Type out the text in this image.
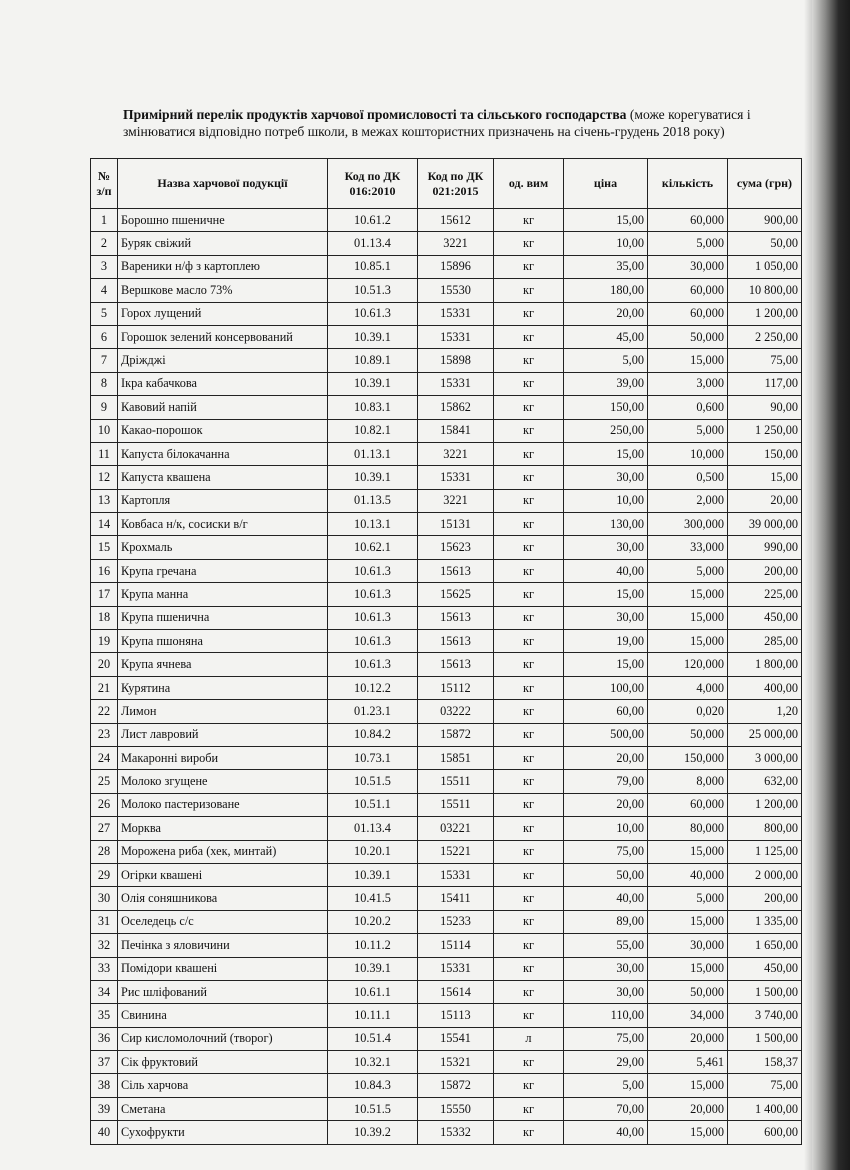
Примірний перелік продуктів харчової промисловості та сільського господарства (може корегуватися і змінюватися відповідно потреб школи, в межах коштористних призначень на січень-грудень 2018 року)
№ з/п	Назва харчової подукції	Код по ДК 016:2010	Код по ДК 021:2015	од. вим	ціна	кількість	сума (грн)
1	Борошно пшеничне	10.61.2	15612	кг	15,00	60,000	900,00
2	Буряк свіжий	01.13.4	3221	кг	10,00	5,000	50,00
3	Вареники н/ф з картоплею	10.85.1	15896	кг	35,00	30,000	1 050,00
4	Вершкове масло 73%	10.51.3	15530	кг	180,00	60,000	10 800,00
5	Горох лущений	10.61.3	15331	кг	20,00	60,000	1 200,00
6	Горошок зелений консервований	10.39.1	15331	кг	45,00	50,000	2 250,00
7	Дріжджі	10.89.1	15898	кг	5,00	15,000	75,00
8	Ікра кабачкова	10.39.1	15331	кг	39,00	3,000	117,00
9	Кавовий напій	10.83.1	15862	кг	150,00	0,600	90,00
10	Какао-порошок	10.82.1	15841	кг	250,00	5,000	1 250,00
11	Капуста білокачанна	01.13.1	3221	кг	15,00	10,000	150,00
12	Капуста квашена	10.39.1	15331	кг	30,00	0,500	15,00
13	Картопля	01.13.5	3221	кг	10,00	2,000	20,00
14	Ковбаса н/к, сосиски в/г	10.13.1	15131	кг	130,00	300,000	39 000,00
15	Крохмаль	10.62.1	15623	кг	30,00	33,000	990,00
16	Крупа гречана	10.61.3	15613	кг	40,00	5,000	200,00
17	Крупа манна	10.61.3	15625	кг	15,00	15,000	225,00
18	Крупа пшенична	10.61.3	15613	кг	30,00	15,000	450,00
19	Крупа пшоняна	10.61.3	15613	кг	19,00	15,000	285,00
20	Крупа ячнева	10.61.3	15613	кг	15,00	120,000	1 800,00
21	Курятина	10.12.2	15112	кг	100,00	4,000	400,00
22	Лимон	01.23.1	03222	кг	60,00	0,020	1,20
23	Лист лавровий	10.84.2	15872	кг	500,00	50,000	25 000,00
24	Макаронні вироби	10.73.1	15851	кг	20,00	150,000	3 000,00
25	Молоко згущене	10.51.5	15511	кг	79,00	8,000	632,00
26	Молоко пастеризоване	10.51.1	15511	кг	20,00	60,000	1 200,00
27	Морква	01.13.4	03221	кг	10,00	80,000	800,00
28	Морожена риба (хек, минтай)	10.20.1	15221	кг	75,00	15,000	1 125,00
29	Огірки квашені	10.39.1	15331	кг	50,00	40,000	2 000,00
30	Олія соняшникова	10.41.5	15411	кг	40,00	5,000	200,00
31	Оселедець с/с	10.20.2	15233	кг	89,00	15,000	1 335,00
32	Печінка з яловичини	10.11.2	15114	кг	55,00	30,000	1 650,00
33	Помідори квашені	10.39.1	15331	кг	30,00	15,000	450,00
34	Рис шліфований	10.61.1	15614	кг	30,00	50,000	1 500,00
35	Свинина	10.11.1	15113	кг	110,00	34,000	3 740,00
36	Сир кисломолочний (творог)	10.51.4	15541	л	75,00	20,000	1 500,00
37	Сік фруктовий	10.32.1	15321	кг	29,00	5,461	158,37
38	Сіль харчова	10.84.3	15872	кг	5,00	15,000	75,00
39	Сметана	10.51.5	15550	кг	70,00	20,000	1 400,00
40	Сухофрукти	10.39.2	15332	кг	40,00	15,000	600,00
